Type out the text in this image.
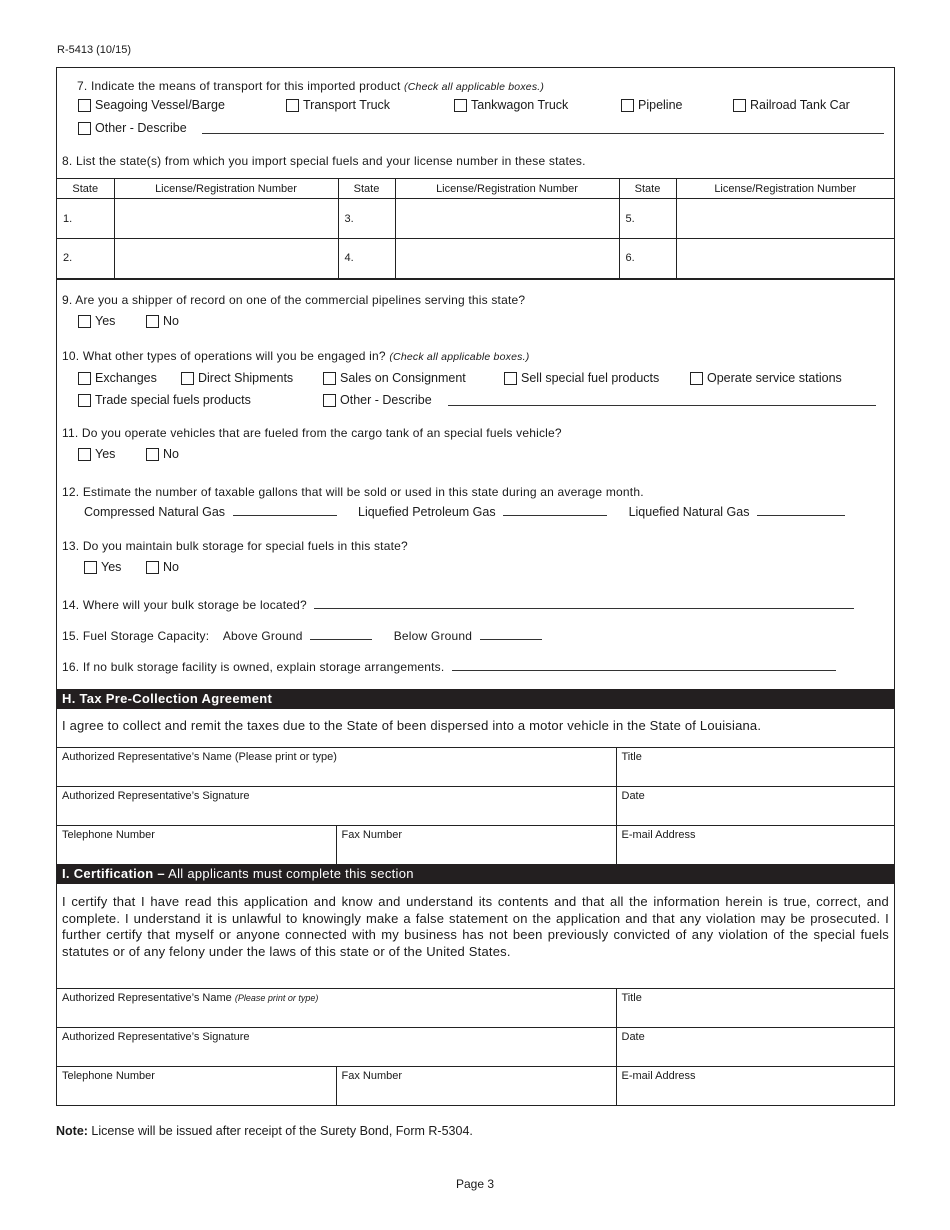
R-5413 (10/15)
7. Indicate the means of transport for this imported product (Check all applicable boxes.)
Seagoing Vessel/Barge	Transport Truck	Tankwagon Truck	Pipeline	Railroad Tank Car
Other - Describe
8. List the state(s) from which you import special fuels and your license number in these states.
State	License/Registration Number	State	License/Registration Number	State	License/Registration Number
1.		3.		5.	
2.		4.		6.	
9. Are you a shipper of record on one of the commercial pipelines serving this state?
Yes	No
10. What other types of operations will you be engaged in? (Check all applicable boxes.)
Exchanges	Direct Shipments	Sales on Consignment	Sell special fuel products	Operate service stations
Trade special fuels products	Other - Describe
11. Do you operate vehicles that are fueled from the cargo tank of an special fuels vehicle?
Yes	No
12. Estimate the number of taxable gallons that will be sold or used in this state during an average month.
Compressed Natural Gas	Liquefied Petroleum Gas	Liquefied Natural Gas
13. Do you maintain bulk storage for special fuels in this state?
Yes	No
14. Where will your bulk storage be located?
15. Fuel Storage Capacity: Above Ground	Below Ground
16. If no bulk storage facility is owned, explain storage arrangements.
H. Tax Pre-Collection Agreement
I agree to collect and remit the taxes due to the State of been dispersed into a motor vehicle in the State of Louisiana.
Authorized Representative’s Name (Please print or type)		Title
Authorized Representative’s Signature		Date
Telephone Number	Fax Number	E-mail Address
I. Certification – All applicants must complete this section
I certify that I have read this application and know and understand its contents and that all the information herein is true, correct, and complete. I understand it is unlawful to knowingly make a false statement on the application and that any violation may be prosecuted. I further certify that myself or anyone connected with my business has not been previously convicted of any violation of the special fuels statutes or of any felony under the laws of this state or of the United States.
Authorized Representative’s Name (Please print or type)		Title
Authorized Representative’s Signature		Date
Telephone Number	Fax Number	E-mail Address
Note: License will be issued after receipt of the Surety Bond, Form R-5304.
Page 3
